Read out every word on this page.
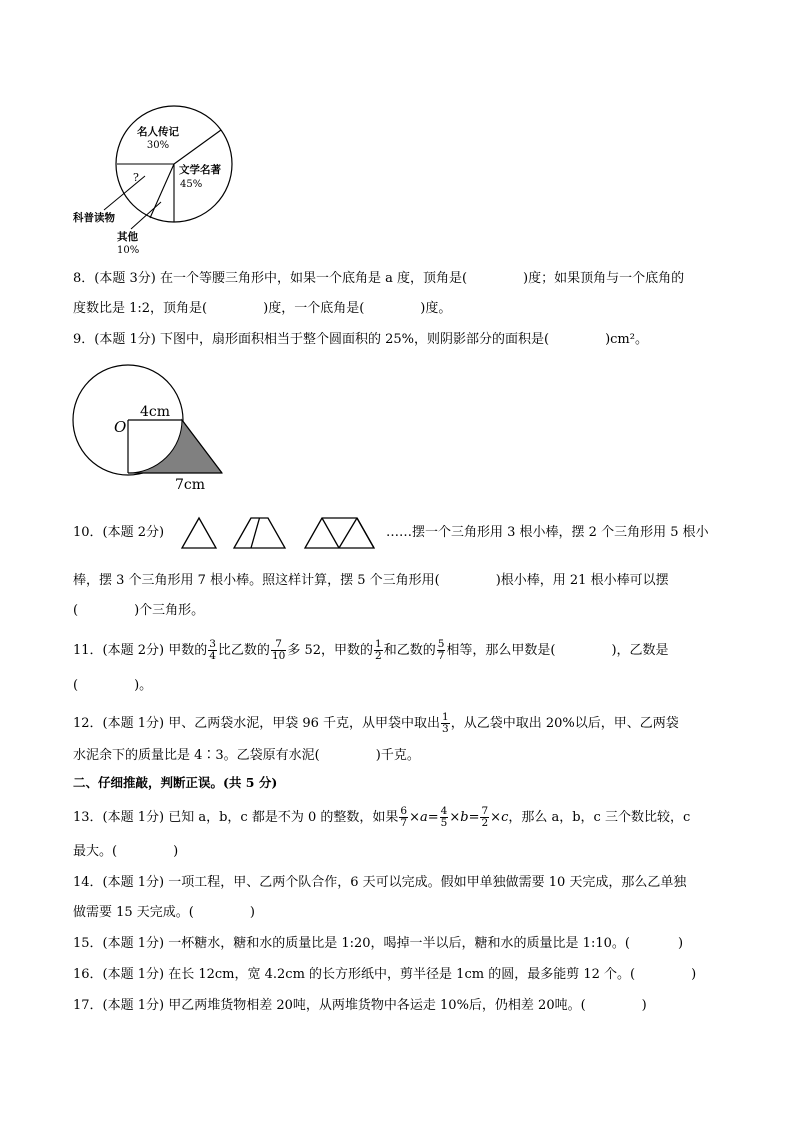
名人传记
30%
文学名著
45%
?
科普读物
其他
10%
8．(本题 3分) 在一个等腰三角形中，如果一个底角是 a 度，顶角是(	)度；如果顶角与一个底角的
度数比是 1:2，顶角是(	)度，一个底角是(	)度。
9．(本题 1分) 下图中，扇形面积相当于整个圆面积的 25%，则阴影部分的面积是(	)cm²。
O
4cm
7cm
10．(本题 2分)	……摆一个三角形用 3 根小棒，摆 2 个三角形用 5 根小
棒，摆 3 个三角形用 7 根小棒。照这样计算，摆 5 个三角形用(	)根小棒，用 21 根小棒可以摆
(	)个三角形。
11．(本题 2分) 甲数的 $\frac{3}{4}$ 比乙数的 $\frac{7}{10}$ 多 52，甲数的 $\frac{1}{2}$ 和乙数的 $\frac{5}{7}$ 相等，那么甲数是(	)，乙数是
(	)。
12．(本题 1分) 甲、乙两袋水泥，甲袋 96 千克，从甲袋中取出 $\frac{1}{3}$ ，从乙袋中取出 20%以后，甲、乙两袋
水泥余下的质量比是 4∶3。乙袋原有水泥(	)千克。
二、仔细推敲，判断正误。(共 5 分)
13．(本题 1分) 已知 a，b，c 都是不为 0 的整数，如果 $\frac{6}{7} \times a= \frac{4}{5} \times b= \frac{7}{2} \times c$，那么 a，b，c 三个数比较，c
最大。(	)
14．(本题 1分) 一项工程，甲、乙两个队合作，6 天可以完成。假如甲单独做需要 10 天完成，那么乙单独
做需要 15 天完成。(	)
15．(本题 1分) 一杯糖水，糖和水的质量比是 1:20，喝掉一半以后，糖和水的质量比是 1:10。(	)
16．(本题 1分) 在长 12cm，宽 4.2cm 的长方形纸中，剪半径是 1cm 的圆，最多能剪 12 个。(	)
17．(本题 1分) 甲乙两堆货物相差 20吨，从两堆货物中各运走 10%后，仍相差 20吨。(	)
